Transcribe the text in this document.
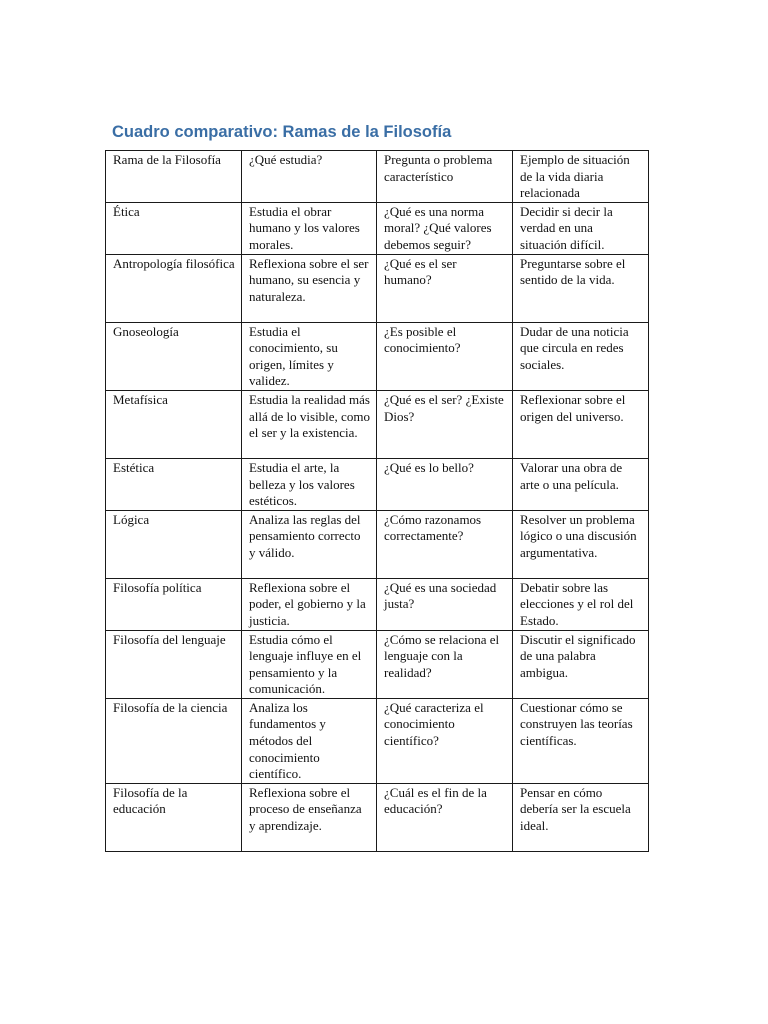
Cuadro comparativo: Ramas de la Filosofía
Rama de la Filosofía	¿Qué estudia?	Pregunta o problema característico	Ejemplo de situación de la vida diaria relacionada
Ética	Estudia el obrar humano y los valores morales.	¿Qué es una norma moral? ¿Qué valores debemos seguir?	Decidir si decir la verdad en una situación difícil.
Antropología filosófica	Reflexiona sobre el ser humano, su esencia y naturaleza.	¿Qué es el ser humano?	Preguntarse sobre el sentido de la vida.
Gnoseología	Estudia el conocimiento, su origen, límites y validez.	¿Es posible el conocimiento?	Dudar de una noticia que circula en redes sociales.
Metafísica	Estudia la realidad más allá de lo visible, como el ser y la existencia.	¿Qué es el ser? ¿Existe Dios?	Reflexionar sobre el origen del universo.
Estética	Estudia el arte, la belleza y los valores estéticos.	¿Qué es lo bello?	Valorar una obra de arte o una película.
Lógica	Analiza las reglas del pensamiento correcto y válido.	¿Cómo razonamos correctamente?	Resolver un problema lógico o una discusión argumentativa.
Filosofía política	Reflexiona sobre el poder, el gobierno y la justicia.	¿Qué es una sociedad justa?	Debatir sobre las elecciones y el rol del Estado.
Filosofía del lenguaje	Estudia cómo el lenguaje influye en el pensamiento y la comunicación.	¿Cómo se relaciona el lenguaje con la realidad?	Discutir el significado de una palabra ambigua.
Filosofía de la ciencia	Analiza los fundamentos y métodos del conocimiento científico.	¿Qué caracteriza el conocimiento científico?	Cuestionar cómo se construyen las teorías científicas.
Filosofía de la educación	Reflexiona sobre el proceso de enseñanza y aprendizaje.	¿Cuál es el fin de la educación?	Pensar en cómo debería ser la escuela ideal.
